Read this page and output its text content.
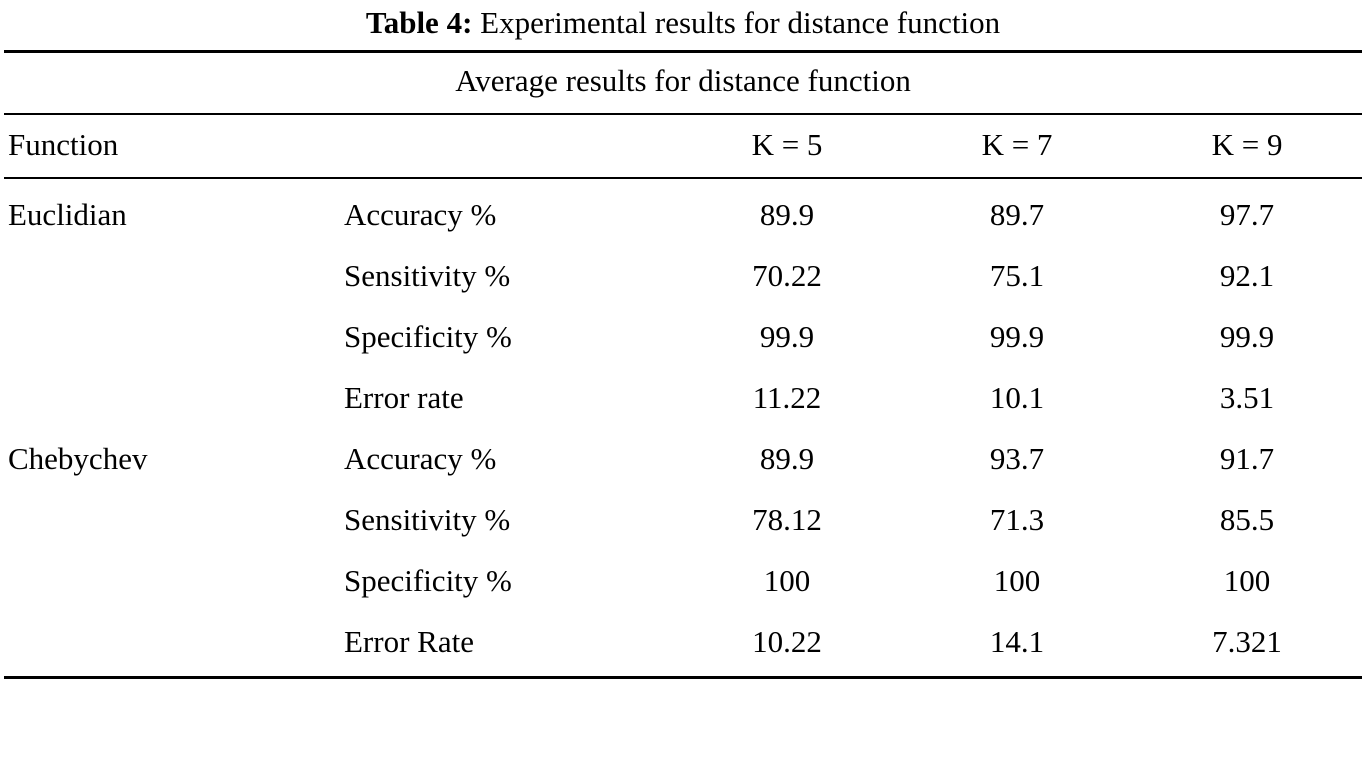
Table 4: Experimental results for distance function
Average results for distance function				
Function		K = 5	K = 7	K = 9
Euclidian	Accuracy %	89.9	89.7	97.7
	Sensitivity %	70.22	75.1	92.1
	Specificity %	99.9	99.9	99.9
	Error rate	11.22	10.1	3.51
Chebychev	Accuracy %	89.9	93.7	91.7
	Sensitivity %	78.12	71.3	85.5
	Specificity %	100	100	100
	Error Rate	10.22	14.1	7.321
